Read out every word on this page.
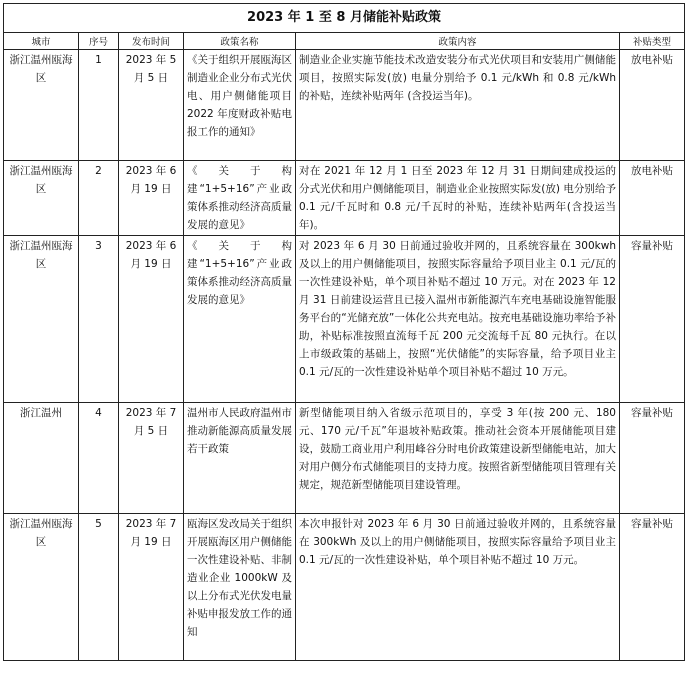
2023 年 1 至 8 月储能补贴政策					
城市	序号	发布时间	政策名称	政策内容	补贴类型
浙江温州瓯海区	1	2023 年 5 月 5 日	《关于组织开展瓯海区制造业企业分布式光伏电、用户侧储能项目 2022 年度财政补贴电报工作的通知》	制造业企业实施节能技术改造安装分布式光伏项目和安装用广侧储能项目，按照实际发(放) 电量分别给予 0.1 元/kWh 和 0.8 元/kWh 的补贴，连续补贴两年 (含投运当年)。	放电补贴
浙江温州瓯海区	2	2023 年 6 月 19 日	《关于构建“1+5+16”产业政策体系推动经济高质量发展的意见》	对在 2021 年 12 月 1 日至 2023 年 12 月 31 日期间建成投运的分式光伏和用户侧储能项目，制造业企业按照实际发(放) 电分别给予 0.1 元/千瓦时和 0.8 元/千瓦时的补贴，连续补贴两年(含投运当年)。	放电补贴
浙江温州瓯海区	3	2023 年 6 月 19 日	《关于构建“1+5+16”产业政策体系推动经济高质量发展的意见》	对 2023 年 6 月 30 日前通过验收并网的，且系统容量在 300kwh 及以上的用户侧储能项目，按照实际容量给予项目业主 0.1 元/瓦的一次性建设补贴，单个项目补贴不超过 10 万元。对在 2023 年 12 月 31 日前建设运营且已接入温州市新能源汽车充电基础设施智能服务平台的“光储充放”一体化公共充电站。按充电基础设施功率给予补助，补贴标准按照直流每千瓦 200 元交流每千瓦 80 元执行。在以上市级政策的基础上，按照“光伏储能”的实际容量，给予项目业主 0.1 元/瓦的一次性建设补贴单个项目补贴不超过 10 万元。	容量补贴
浙江温州	4	2023 年 7 月 5 日	温州市人民政府温州市推动新能源高质量发展若干政策	新型储能项目纳入省级示范项目的，享受 3 年(按 200 元、180 元、170 元/千瓦”年退坡补贴政策。推动社会资本开展储能项目建设，鼓励工商业用户利用峰谷分时电价政策建设新型储能电站，加大对用户侧分布式储能项目的支持力度。按照省新型储能项目管理有关规定，规范新型储能项目建设管理。	容量补贴
浙江温州瓯海区	5	2023 年 7 月 19 日	瓯海区发改局关于组织开展瓯海区用户侧储能一次性建设补贴、非制造业企业 1000kW 及以上分布式光伏发电量补贴申报发放工作的通知	本次申报针对 2023 年 6 月 30 日前通过验收并网的，且系统容量在 300kWh 及以上的用户侧储能项目，按照实际容量给予项目业主 0.1 元/瓦的一次性建设补贴，单个项目补贴不超过 10 万元。	容量补贴
